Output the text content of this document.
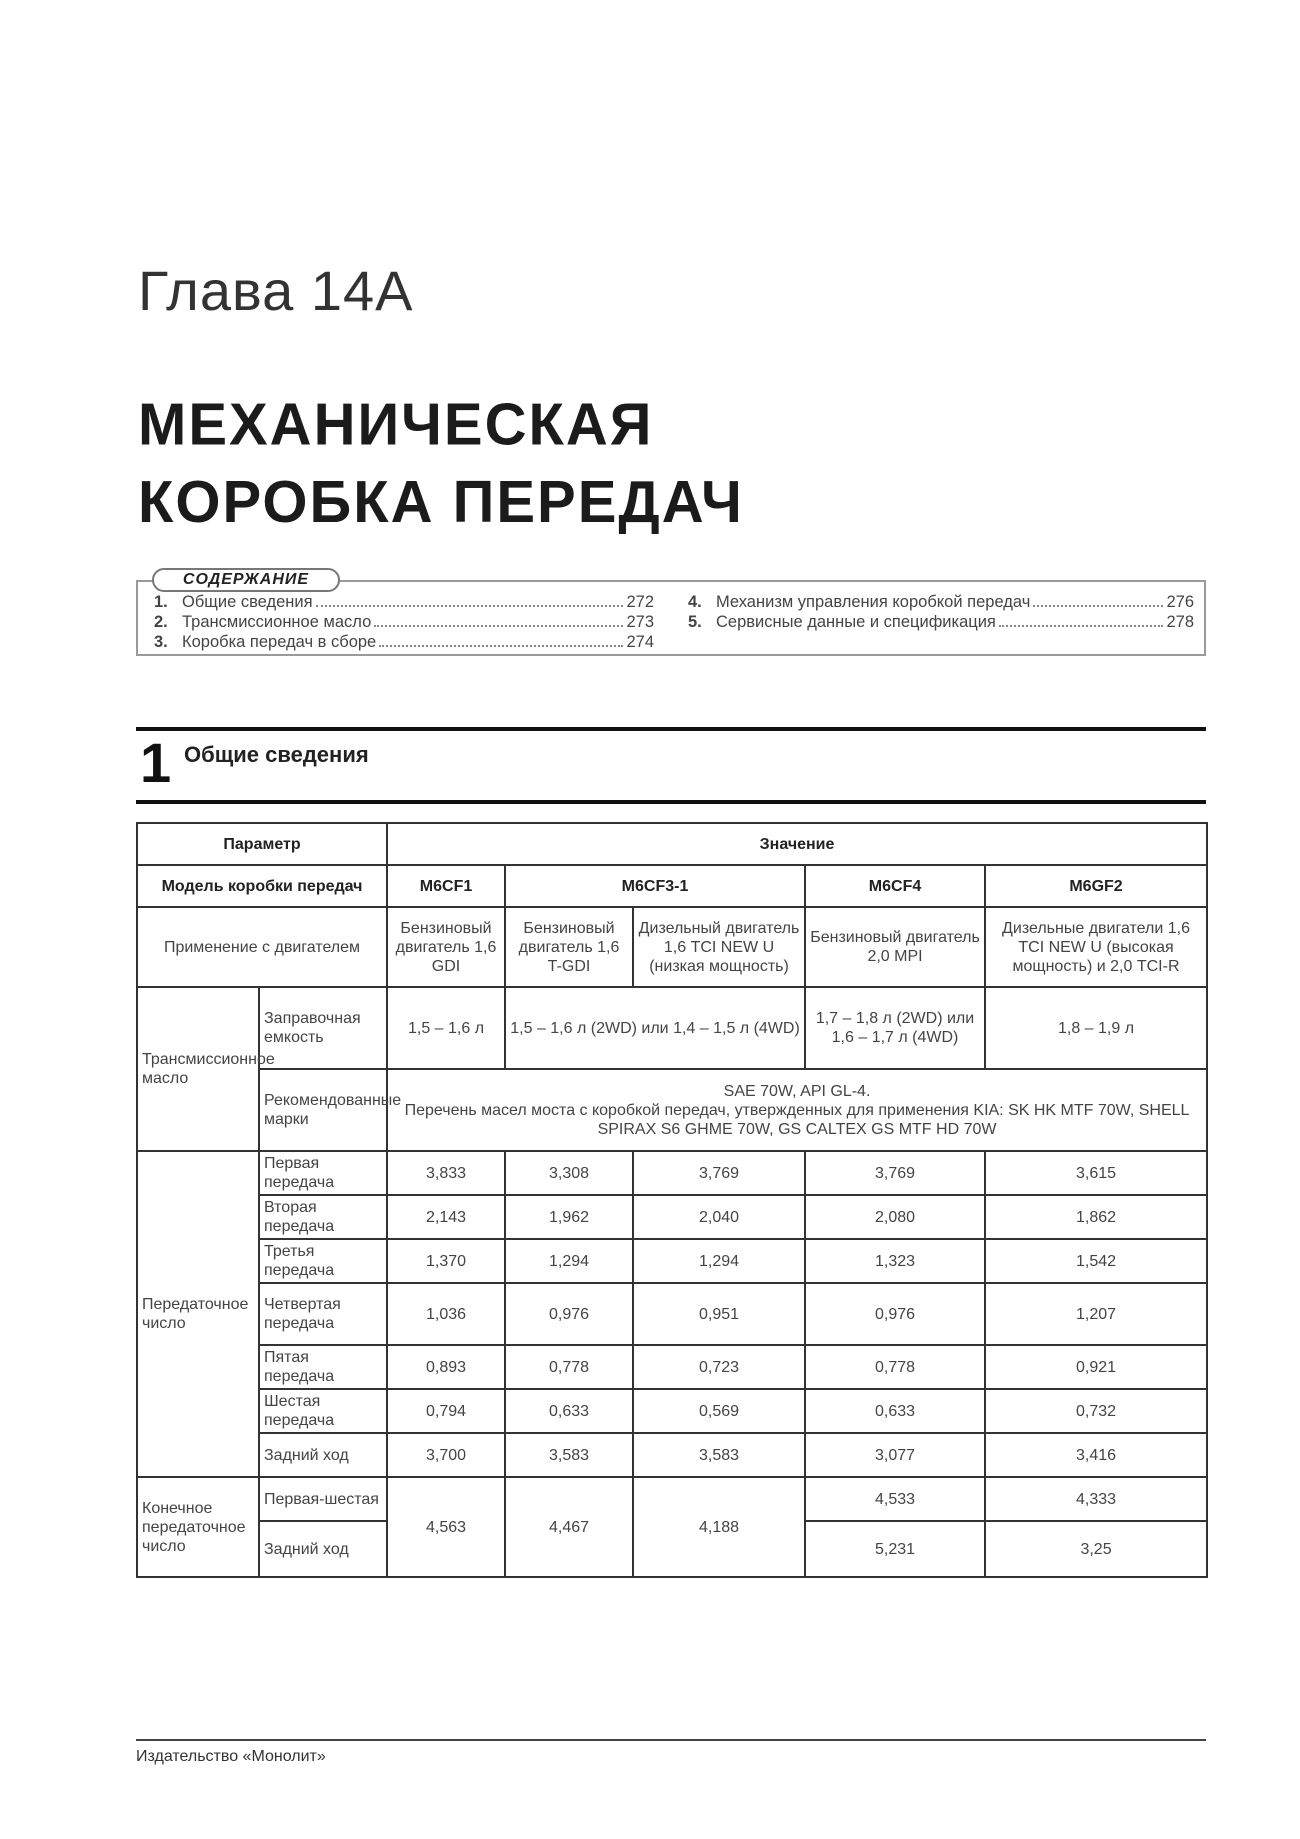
Глава 14А
МЕХАНИЧЕСКАЯ
КОРОБКА ПЕРЕДАЧ
СОДЕРЖАНИЕ
1. Общие сведения	272
2. Трансмиссионное масло	273
3. Коробка передач в сборе	274
4. Механизм управления коробкой передач	276
5. Сервисные данные и спецификация	278
1 Общие сведения
Параметр		Значение				
Модель коробки передач		M6CF1	M6CF3-1		M6CF4	M6GF2
Применение с двигателем		Бензиновый двигатель 1,6 GDI	Бензиновый двигатель 1,6 T-GDI	Дизельный двигатель 1,6 TCI NEW U (низкая мощность)	Бензиновый двигатель 2,0 MPI	Дизельные двигатели 1,6 TCI NEW U (высокая мощность) и 2,0 TCI-R
Трансмиссионное масло	Заправочная емкость	1,5 – 1,6 л	1,5 – 1,6 л (2WD) или 1,4 – 1,5 л (4WD)		1,7 – 1,8 л (2WD) или 1,6 – 1,7 л (4WD)	1,8 – 1,9 л
	Рекомендованные марки	SAE 70W, API GL-4.
Перечень масел моста с коробкой передач, утвержденных для применения KIA: SK HK MTF 70W, SHELL SPIRAX S6 GHME 70W, GS CALTEX GS MTF HD 70W				

Передаточное число	Первая передача	3,833	3,308	3,769	3,769	3,615
	Вторая передача	2,143	1,962	2,040	2,080	1,862
	Третья передача	1,370	1,294	1,294	1,323	1,542
	Четвертая передача	1,036	0,976	0,951	0,976	1,207
	Пятая передача	0,893	0,778	0,723	0,778	0,921
	Шестая передача	0,794	0,633	0,569	0,633	0,732
	Задний ход	3,700	3,583	3,583	3,077	3,416
Конечное передаточное число	Первая-шестая	4,563	4,467	4,188	4,533	4,333
	Задний ход				5,231	3,25
Издательство «Монолит»
